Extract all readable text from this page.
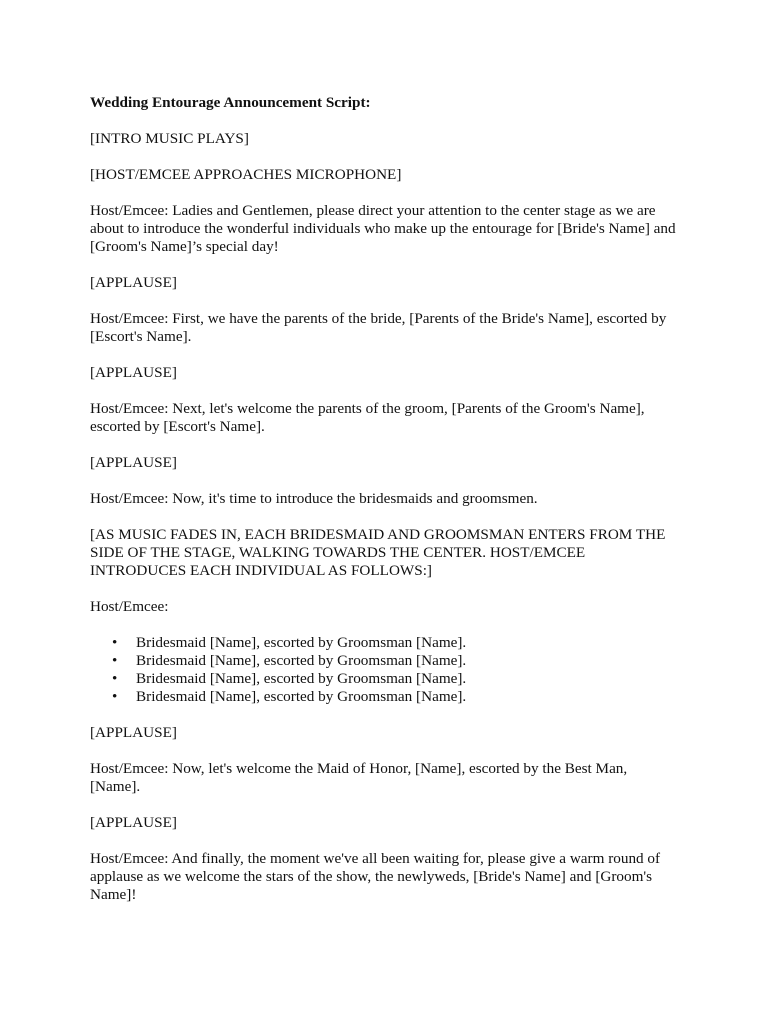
Wedding Entourage Announcement Script:

[INTRO MUSIC PLAYS]

[HOST/EMCEE APPROACHES MICROPHONE]

Host/Emcee: Ladies and Gentlemen, please direct your attention to the center stage as we are about to introduce the wonderful individuals who make up the entourage for [Bride's Name] and [Groom's Name]’s special day!

[APPLAUSE]

Host/Emcee: First, we have the parents of the bride, [Parents of the Bride's Name], escorted by [Escort's Name].

[APPLAUSE]

Host/Emcee: Next, let's welcome the parents of the groom, [Parents of the Groom's Name], escorted by [Escort's Name].

[APPLAUSE]

Host/Emcee: Now, it's time to introduce the bridesmaids and groomsmen.

[AS MUSIC FADES IN, EACH BRIDESMAID AND GROOMSMAN ENTERS FROM THE SIDE OF THE STAGE, WALKING TOWARDS THE CENTER. HOST/EMCEE INTRODUCES EACH INDIVIDUAL AS FOLLOWS:]

Host/Emcee:

• Bridesmaid [Name], escorted by Groomsman [Name].
• Bridesmaid [Name], escorted by Groomsman [Name].
• Bridesmaid [Name], escorted by Groomsman [Name].
• Bridesmaid [Name], escorted by Groomsman [Name].

[APPLAUSE]

Host/Emcee: Now, let's welcome the Maid of Honor, [Name], escorted by the Best Man, [Name].

[APPLAUSE]

Host/Emcee: And finally, the moment we've all been waiting for, please give a warm round of applause as we welcome the stars of the show, the newlyweds, [Bride's Name] and [Groom's Name]!
